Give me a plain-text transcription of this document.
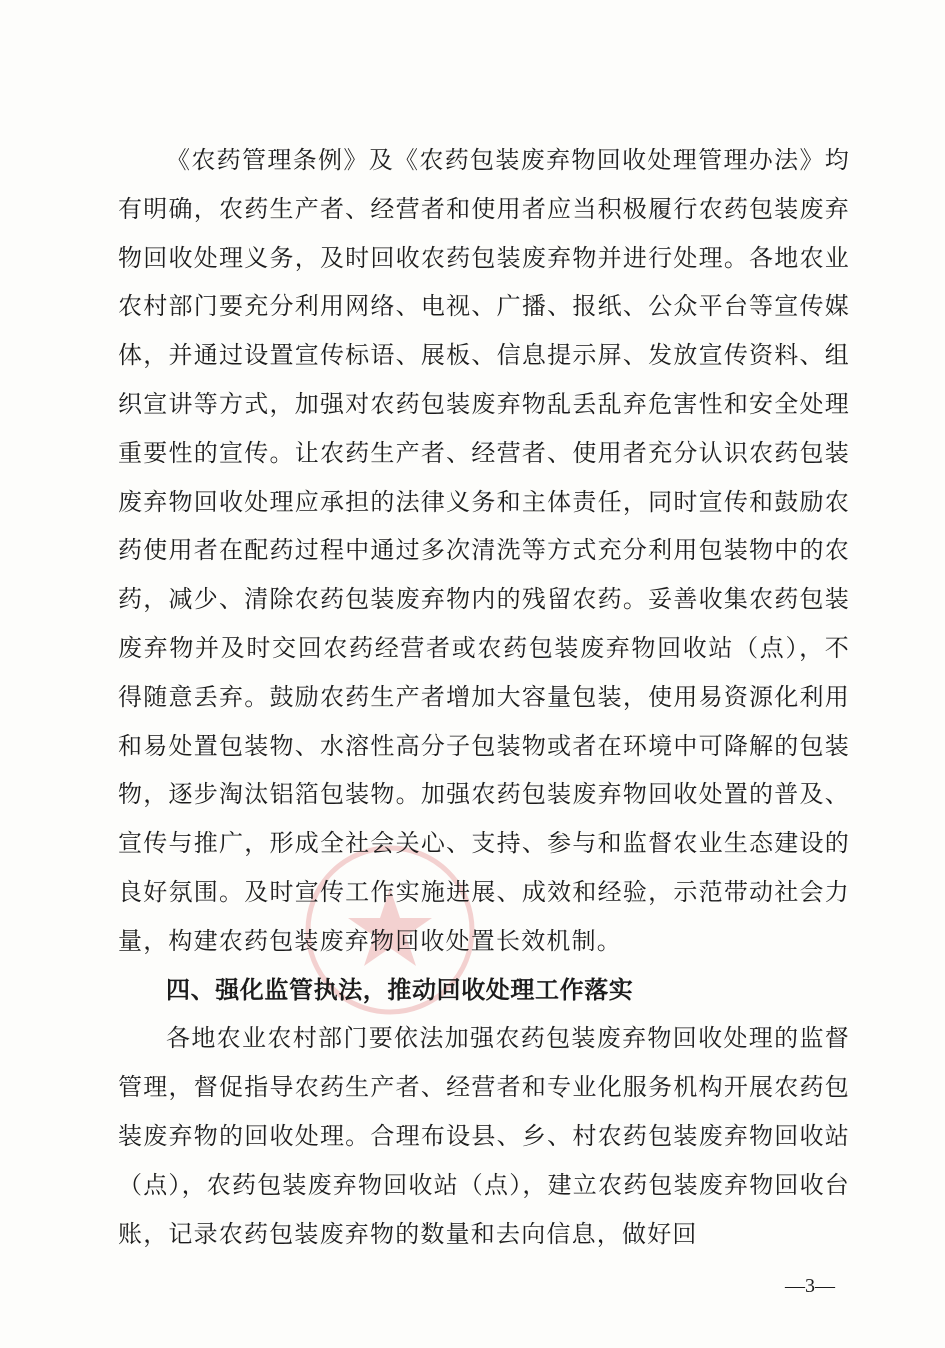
《农药管理条例》及《农药包装废弃物回收处理管理办法》均有明确，农药生产者、经营者和使用者应当积极履行农药包装废弃物回收处理义务，及时回收农药包装废弃物并进行处理。各地农业农村部门要充分利用网络、电视、广播、报纸、公众平台等宣传媒体，并通过设置宣传标语、展板、信息提示屏、发放宣传资料、组织宣讲等方式，加强对农药包装废弃物乱丢乱弃危害性和安全处理重要性的宣传。让农药生产者、经营者、使用者充分认识农药包装废弃物回收处理应承担的法律义务和主体责任，同时宣传和鼓励农药使用者在配药过程中通过多次清洗等方式充分利用包装物中的农药，减少、清除农药包装废弃物内的残留农药。妥善收集农药包装废弃物并及时交回农药经营者或农药包装废弃物回收站（点），不得随意丢弃。鼓励农药生产者增加大容量包装，使用易资源化利用和易处置包装物、水溶性高分子包装物或者在环境中可降解的包装物，逐步淘汰铝箔包装物。加强农药包装废弃物回收处置的普及、宣传与推广，形成全社会关心、支持、参与和监督农业生态建设的良好氛围。及时宣传工作实施进展、成效和经验，示范带动社会力量，构建农药包装废弃物回收处置长效机制。

四、强化监管执法，推动回收处理工作落实

各地农业农村部门要依法加强农药包装废弃物回收处理的监督管理，督促指导农药生产者、经营者和专业化服务机构开展农药包装废弃物的回收处理。合理布设县、乡、村农药包装废弃物回收站（点），农药包装废弃物回收站（点），建立农药包装废弃物回收台账，记录农药包装废弃物的数量和去向信息，做好回

—3—
